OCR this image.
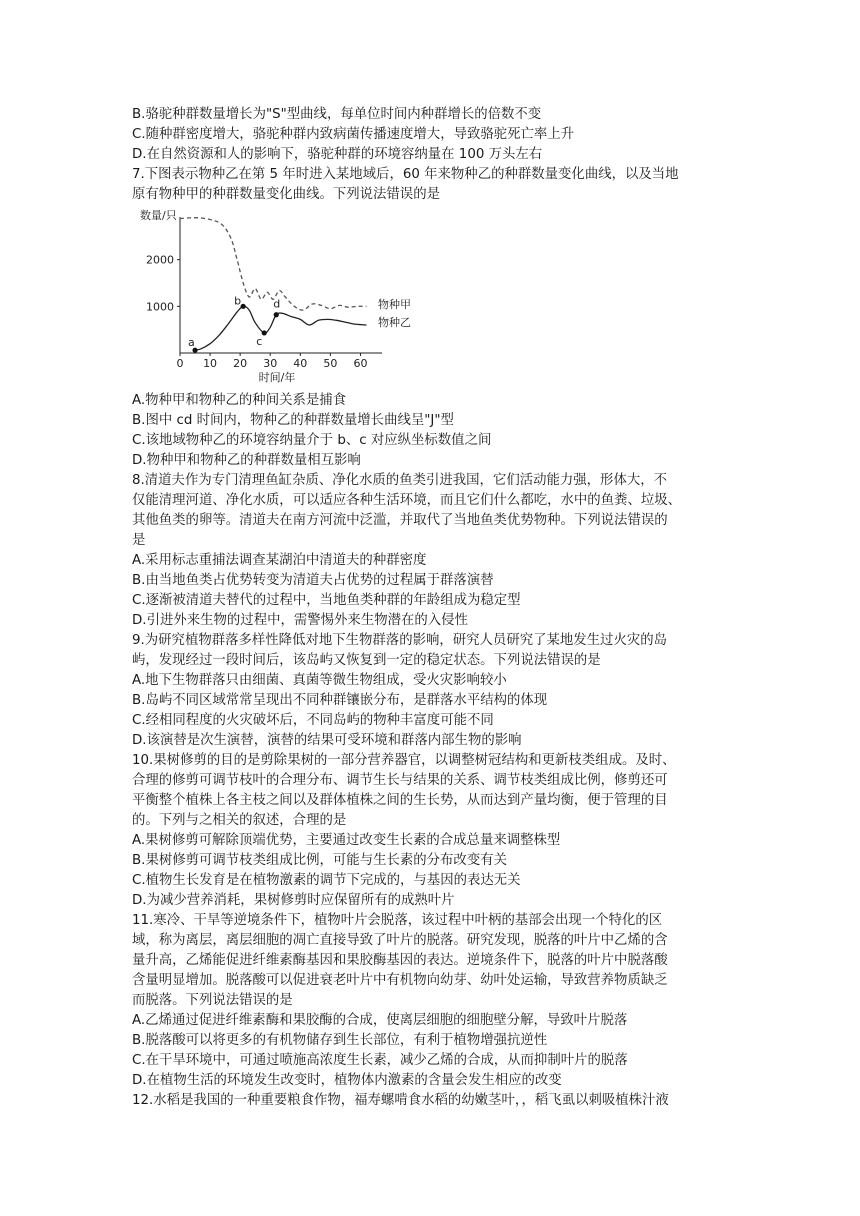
B.骆驼种群数量增长为"S"型曲线，每单位时间内种群增长的倍数不变
C.随种群密度增大，骆驼种群内致病菌传播速度增大，导致骆驼死亡率上升
D.在自然资源和人的影响下，骆驼种群的环境容纳量在 100 万头左右
7.下图表示物种乙在第 5 年时进入某地域后，60 年来物种乙的种群数量变化曲线，以及当地
原有物种甲的种群数量变化曲线。下列说法错误的是
数量/只
时间/年
物种甲
物种乙
0 10 20 30 40 50 60
1000
2000
a
b
c
d
A.物种甲和物种乙的种间关系是捕食
B.图中 cd 时间内，物种乙的种群数量增长曲线呈"J"型
C.该地域物种乙的环境容纳量介于 b、c 对应纵坐标数值之间
D.物种甲和物种乙的种群数量相互影响
8.清道夫作为专门清理鱼缸杂质、净化水质的鱼类引进我国，它们活动能力强，形体大，不
仅能清理河道、净化水质，可以适应各种生活环境，而且它们什么都吃，水中的鱼粪、垃圾、
其他鱼类的卵等。清道夫在南方河流中泛滥，并取代了当地鱼类优势物种。下列说法错误的
是
A.采用标志重捕法调查某湖泊中清道夫的种群密度
B.由当地鱼类占优势转变为清道夫占优势的过程属于群落演替
C.逐渐被清道夫替代的过程中，当地鱼类种群的年龄组成为稳定型
D.引进外来生物的过程中，需警惕外来生物潜在的入侵性
9.为研究植物群落多样性降低对地下生物群落的影响，研究人员研究了某地发生过火灾的岛
屿，发现经过一段时间后，该岛屿又恢复到一定的稳定状态。下列说法错误的是
A.地下生物群落只由细菌、真菌等微生物组成，受火灾影响较小
B.岛屿不同区域常常呈现出不同种群镶嵌分布，是群落水平结构的体现
C.经相同程度的火灾破坏后，不同岛屿的物种丰富度可能不同
D.该演替是次生演替，演替的结果可受环境和群落内部生物的影响
10.果树修剪的目的是剪除果树的一部分营养器官，以调整树冠结构和更新枝类组成。及时、
合理的修剪可调节枝叶的合理分布、调节生长与结果的关系、调节枝类组成比例，修剪还可
平衡整个植株上各主枝之间以及群体植株之间的生长势，从而达到产量均衡，便于管理的目
的。下列与之相关的叙述，合理的是
A.果树修剪可解除顶端优势，主要通过改变生长素的合成总量来调整株型
B.果树修剪可调节枝类组成比例，可能与生长素的分布改变有关
C.植物生长发育是在植物激素的调节下完成的，与基因的表达无关
D.为减少营养消耗，果树修剪时应保留所有的成熟叶片
11.寒冷、干旱等逆境条件下，植物叶片会脱落，该过程中叶柄的基部会出现一个特化的区
域，称为离层，离层细胞的凋亡直接导致了叶片的脱落。研究发现，脱落的叶片中乙烯的含
量升高，乙烯能促进纤维素酶基因和果胶酶基因的表达。逆境条件下，脱落的叶片中脱落酸
含量明显增加。脱落酸可以促进衰老叶片中有机物向幼芽、幼叶处运输，导致营养物质缺乏
而脱落。下列说法错误的是
A.乙烯通过促进纤维素酶和果胶酶的合成，使离层细胞的细胞壁分解，导致叶片脱落
B.脱落酸可以将更多的有机物储存到生长部位，有利于植物增强抗逆性
C.在干旱环境中，可通过喷施高浓度生长素，减少乙烯的合成，从而抑制叶片的脱落
D.在植物生活的环境发生改变时，植物体内激素的含量会发生相应的改变
12.水稻是我国的一种重要粮食作物，福寿螺啃食水稻的幼嫩茎叶，，稻飞虱以刺吸植株汁液
